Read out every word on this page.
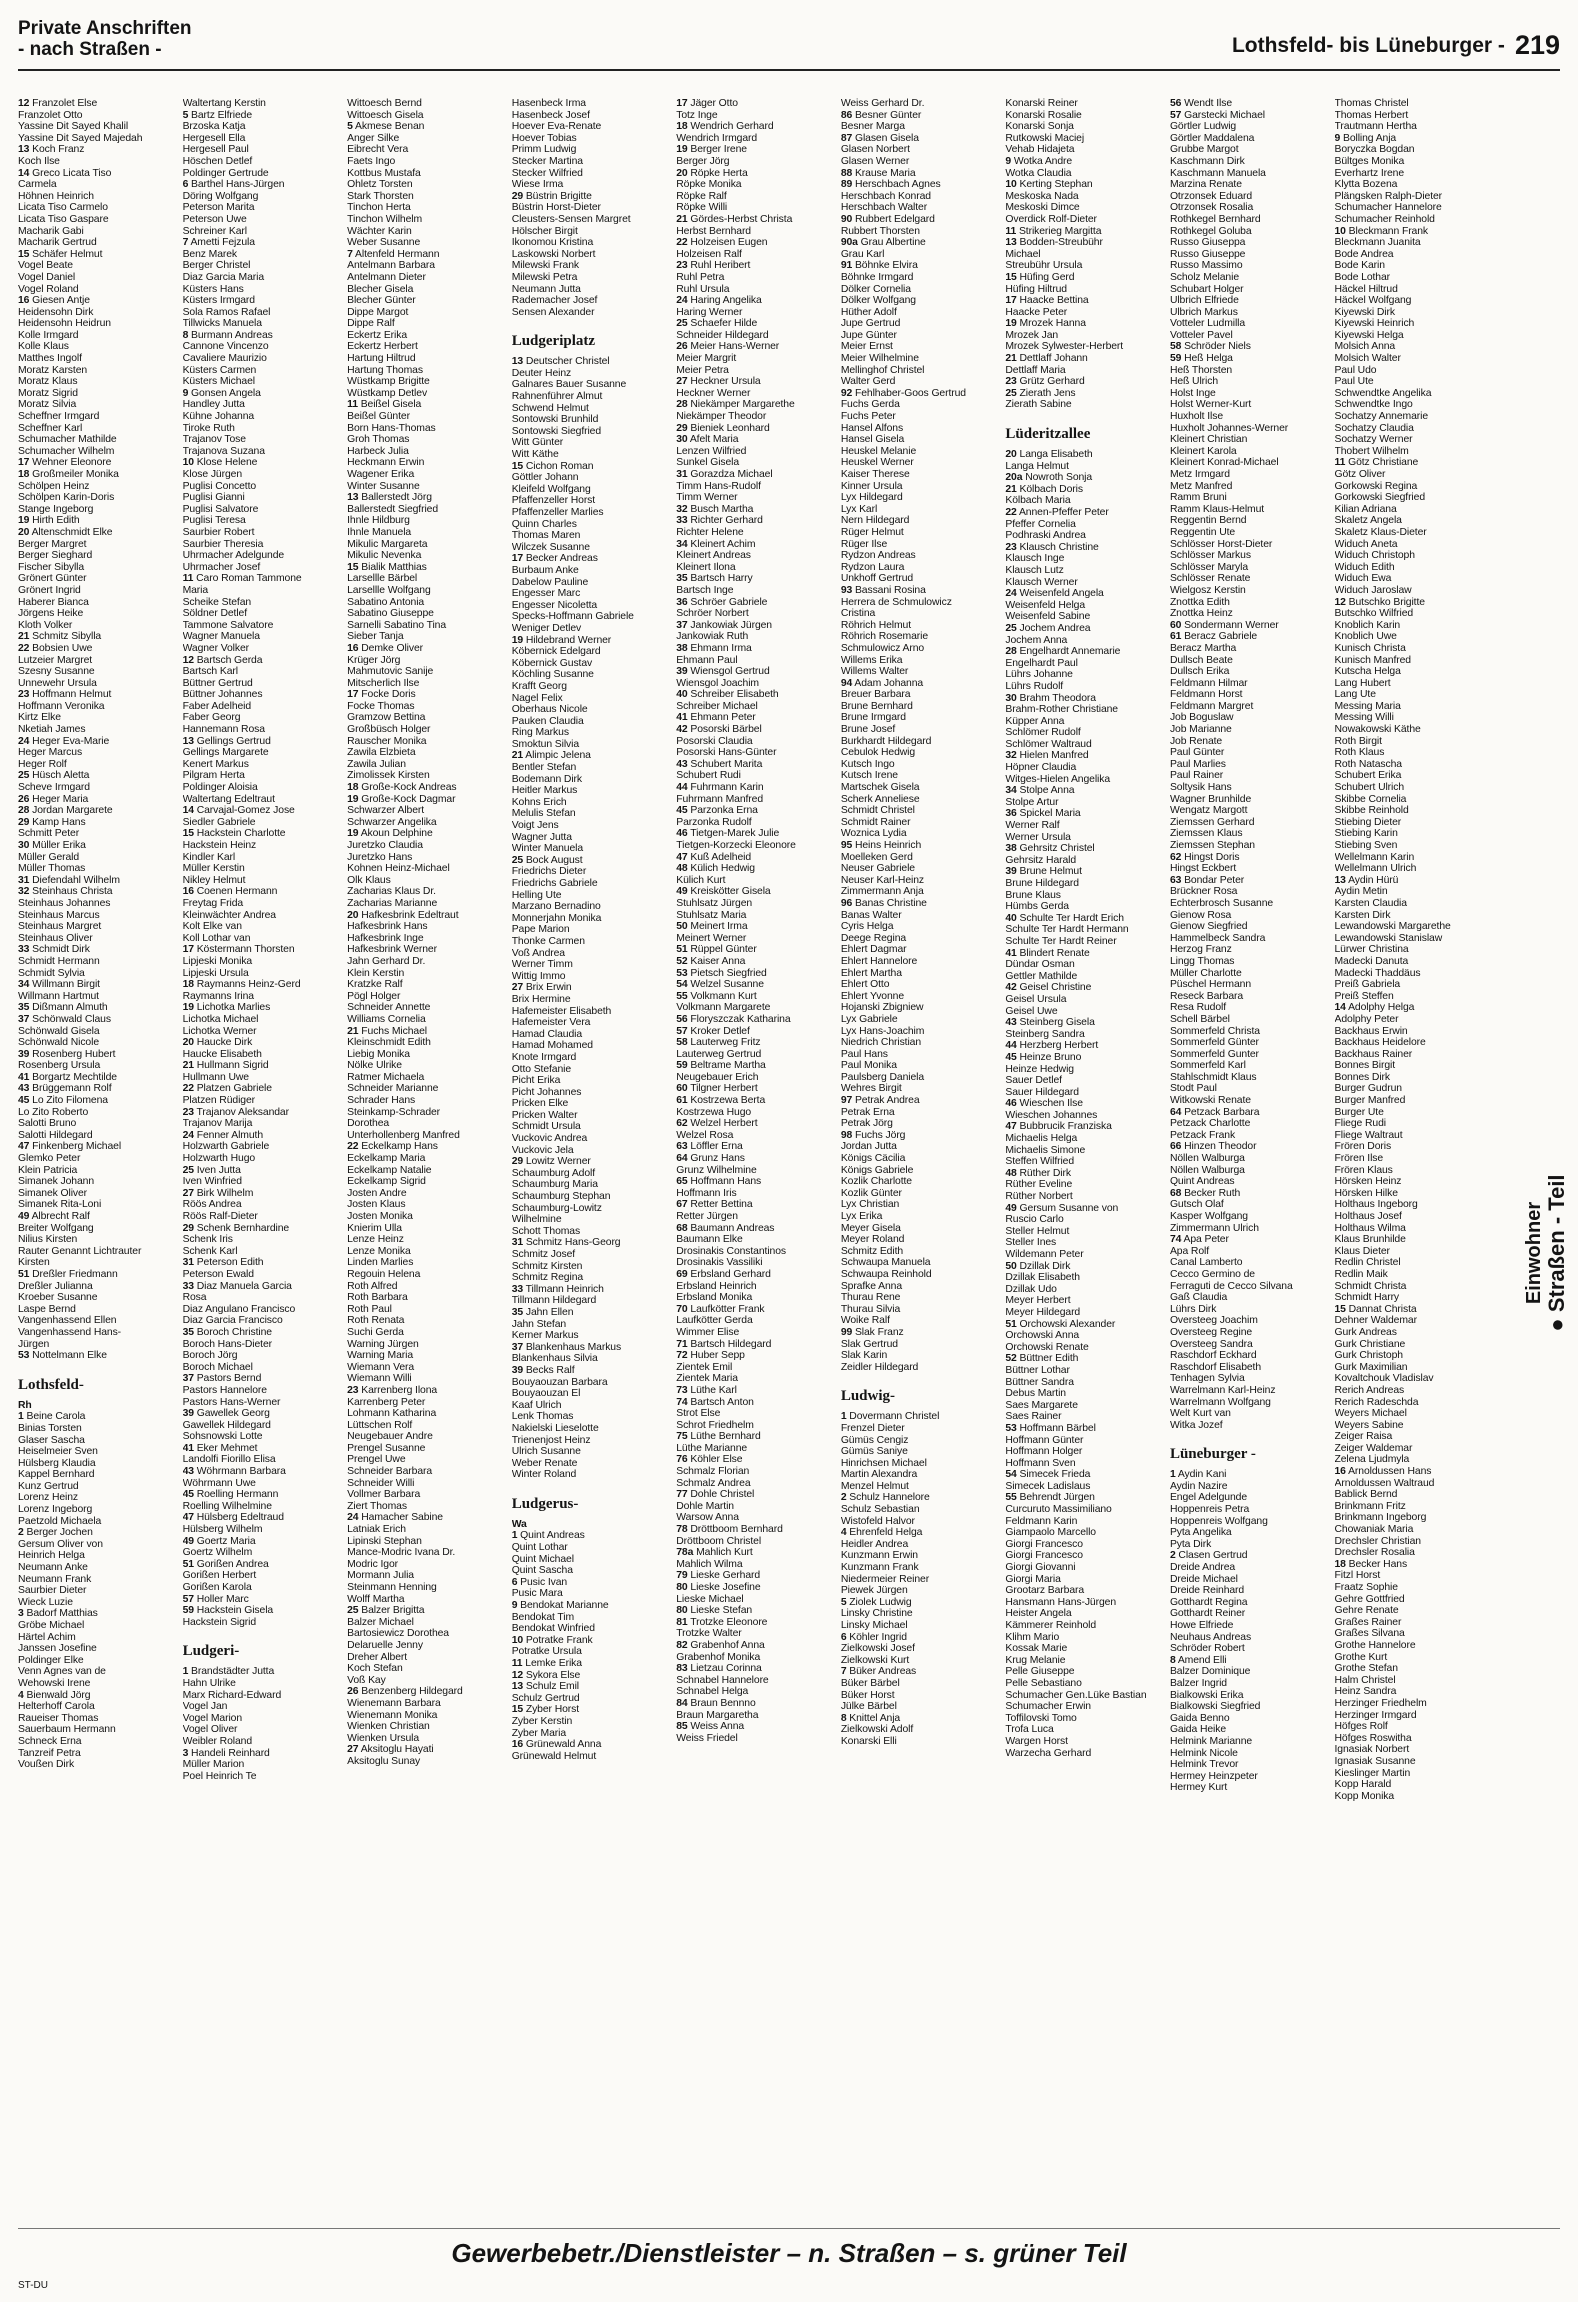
Private Anschriften
- nach Straßen -	Lothsfeld- bis Lüneburger - 219
12 Franzolet Else
Franzolet Otto
Yassine Dit Sayed Khalil
Yassine Dit Sayed Majedah
13 Koch Franz
Koch Ilse
14 Greco Licata Tiso
Carmela
Höhnen Heinrich
Licata Tiso Carmelo
Licata Tiso Gaspare
Macharik Gabi
Macharik Gertrud
15 Schäfer Helmut
Vogel Beate
Vogel Daniel
Vogel Roland
16 Giesen Antje
Heidensohn Dirk
Heidensohn Heidrun
Kolle Irmgard
Kolle Klaus
Matthes Ingolf
Moratz Karsten
Moratz Klaus
Moratz Sigrid
Moratz Silvia
Scheffner Irmgard
Scheffner Karl
Schumacher Mathilde
Schumacher Wilhelm
17 Wehner Eleonore
18 Großmeiler Monika
Schölpen Heinz
Schölpen Karin-Doris
Stange Ingeborg
19 Hirth Edith
20 Altenschmidt Elke
Berger Margret
Berger Sieghard
Fischer Sibylla
Grönert Günter
Grönert Ingrid
Haberer Bianca
Jörgens Heike
Kloth Volker
21 Schmitz Sibylla
22 Bobsien Uwe
Lutzeier Margret
Szesny Susanne
Unnewehr Ursula
23 Hoffmann Helmut
Hoffmann Veronika
Kirtz Elke
Nketiah James
24 Heger Eva-Marie
Heger Marcus
Heger Rolf
25 Hüsch Aletta
Scheve Irmgard
26 Heger Maria
28 Jordan Margarete
29 Kamp Hans
Schmitt Peter
30 Müller Erika
Müller Gerald
Müller Thomas
31 Diefendahl Wilhelm
32 Steinhaus Christa
Steinhaus Johannes
Steinhaus Marcus
Steinhaus Margret
Steinhaus Oliver
33 Schmidt Dirk
Schmidt Hermann
Schmidt Sylvia
34 Willmann Birgit
Willmann Hartmut
35 Dißmann Almuth
37 Schönwald Claus
Schönwald Gisela
Schönwald Nicole
39 Rosenberg Hubert
Rosenberg Ursula
41 Borgartz Mechtilde
43 Brüggemann Rolf
45 Lo Zito Filomena
Lo Zito Roberto
Salotti Bruno
Salotti Hildegard
47 Finkenberg Michael
Glemko Peter
Klein Patricia
Simanek Johann
Simanek Oliver
Simanek Rita-Loni
49 Albrecht Ralf
Breiter Wolfgang
Nilius Kirsten
Rauter Genannt Lichtrauter
Kirsten
51 Dreßler Friedmann
Dreßler Julianna
Kroeber Susanne
Laspe Bernd
Vangenhassend Ellen
Vangenhassend Hans-
Jürgen
53 Nottelmann Elke
Lothsfeld-
Rh
1 Beine Carola
Binias Torsten
Glaser Sascha
Heiselmeier Sven
Hülsberg Klaudia
Kappel Bernhard
Kunz Gertrud
Lorenz Heinz
Lorenz Ingeborg
Paetzold Michaela
2 Berger Jochen
Gersum Oliver von
Heinrich Helga
Neumann Anke
Neumann Frank
Saurbier Dieter
Wieck Luzie
3 Badorf Matthias
Gröbe Michael
Härtel Achim
Janssen Josefine
Poldinger Elke
Venn Agnes van de
Wehowski Irene
4 Bienwald Jörg
Helterhoff Carola
Raueiser Thomas
Sauerbaum Hermann
Schneck Erna
Tanzreif Petra
Voußen Dirk
Waltertang Kerstin
5 Bartz Elfriede
Brzoska Katja
Hergesell Ella
Hergesell Paul
Höschen Detlef
Poldinger Gertrude
6 Barthel Hans-Jürgen
Döring Wolfgang
Peterson Marita
Peterson Uwe
Schreiner Karl
7 Ametti Fejzula
Benz Marek
Berger Christel
Diaz Garcia Maria
Küsters Hans
Küsters Irmgard
Sola Ramos Rafael
Tillwicks Manuela
8 Burmann Andreas
Cannone Vincenzo
Cavaliere Maurizio
Küsters Carmen
Küsters Michael
9 Gonsen Angela
Handley Jutta
Kühne Johanna
Tiroke Ruth
Trajanov Tose
Trajanova Suzana
10 Klose Helene
Klose Jürgen
Puglisi Concetto
Puglisi Gianni
Puglisi Salvatore
Puglisi Teresa
Saurbier Robert
Saurbier Theresia
Uhrmacher Adelgunde
Uhrmacher Josef
11 Caro Roman Tammone
Maria
Scheike Stefan
Söldner Detlef
Tammone Salvatore
Wagner Manuela
Wagner Volker
12 Bartsch Gerda
Bartsch Karl
Büttner Gertrud
Büttner Johannes
Faber Adelheid
Faber Georg
Hannemann Rosa
13 Gellings Gertrud
Gellings Margarete
Kenert Markus
Pilgram Herta
Poldinger Aloisia
Waltertang Edeltraut
14 Carvajal-Gomez Jose
Siedler Gabriele
15 Hackstein Charlotte
Hackstein Heinz
Kindler Karl
Müller Kerstin
Nikley Helmut
16 Coenen Hermann
Freytag Frida
Kleinwächter Andrea
Kolt Elke van
Koll Lothar van
17 Köstermann Thorsten
Lipjeski Monika
Lipjeski Ursula
18 Raymanns Heinz-Gerd
Raymanns Irina
19 Lichotka Marlies
Lichotka Michael
Lichotka Werner
20 Haucke Dirk
Haucke Elisabeth
21 Hullmann Sigrid
Hullmann Uwe
22 Platzen Gabriele
Platzen Rüdiger
23 Trajanov Aleksandar
Trajanov Marija
24 Fenner Almuth
Holzwarth Gabriele
Holzwarth Hugo
25 Iven Jutta
Iven Winfried
27 Birk Wilhelm
Röös Andrea
Röös Ralf-Dieter
29 Schenk Bernhardine
Schenk Iris
Schenk Karl
31 Peterson Edith
Peterson Ewald
33 Diaz Manuela Garcia
Rosa
Diaz Angulano Francisco
Diaz Garcia Francisco
35 Boroch Christine
Boroch Hans-Dieter
Boroch Jörg
Boroch Michael
37 Pastors Bernd
Pastors Hannelore
Pastors Hans-Werner
39 Gawellek Georg
Gawellek Hildegard
Sohsnowski Lotte
41 Eker Mehmet
Landolfi Fiorillo Elisa
43 Wöhrmann Barbara
Wöhrmann Uwe
45 Roelling Hermann
Roelling Wilhelmine
47 Hülsberg Edeltraud
Hülsberg Wilhelm
49 Goertz Maria
Goertz Wilhelm
51 Gorißen Andrea
Gorißen Herbert
Gorißen Karola
57 Holler Marc
59 Hackstein Gisela
Hackstein Sigrid
Ludgeri-
1 Brandstädter Jutta
Hahn Ulrike
Marx Richard-Edward
Vogel Jan
Vogel Marion
Vogel Oliver
Weibler Roland
3 Handeli Reinhard
Müller Marion
Poel Heinrich Te
Wittoesch Bernd
Wittoesch Gisela
5 Akmese Benan
Anger Silke
Eibrecht Vera
Faets Ingo
Kottbus Mustafa
Ohletz Torsten
Stark Thorsten
Tinchon Herta
Tinchon Wilhelm
Wächter Karin
Weber Susanne
7 Altenfeld Hermann
Antelmann Barbara
Antelmann Dieter
Blecher Gisela
Blecher Günter
Dippe Margot
Dippe Ralf
Eckertz Erika
Eckertz Herbert
Hartung Hiltrud
Hartung Thomas
Wüstkamp Brigitte
Wüstkamp Detlev
11 Beißel Gisela
Beißel Günter
Born Hans-Thomas
Groh Thomas
Harbeck Julia
Heckmann Erwin
Wagener Erika
Winter Susanne
13 Ballerstedt Jörg
Ballerstedt Siegfried
Ihnle Hildburg
Ihnle Manuela
Mikulic Margareta
Mikulic Nevenka
15 Bialik Matthias
Larsellle Bärbel
Larsellle Wolfgang
Sabatino Antonia
Sabatino Giuseppe
Sarnelli Sabatino Tina
Sieber Tanja
16 Demke Oliver
Krüger Jörg
Mahmutovic Sanije
Mitscherlich Ilse
17 Focke Doris
Focke Thomas
Gramzow Bettina
Großbüsch Holger
Rauscher Monika
Zawila Elzbieta
Zawila Julian
Zimolissek Kirsten
18 Große-Kock Andreas
19 Große-Kock Dagmar
Schwarzer Albert
Schwarzer Angelika
19 Akoun Delphine
Juretzko Claudia
Juretzko Hans
Kohnen Heinz-Michael
Olk Klaus
Zacharias Klaus Dr.
Zacharias Marianne
20 Hafkesbrink Edeltraut
Hafkesbrink Hans
Hafkesbrink Inge
Hafkesbrink Werner
Jahn Gerhard Dr.
Klein Kerstin
Kratzke Ralf
Pögl Holger
Schneider Annette
Williams Cornelia
21 Fuchs Michael
Kleinschmidt Edith
Liebig Monika
Nölke Ulrike
Ratmer Michaela
Schneider Marianne
Schrader Hans
Steinkamp-Schrader
Dorothea
Unterhollenberg Manfred
22 Eckelkamp Hans
Eckelkamp Maria
Eckelkamp Natalie
Eckelkamp Sigrid
Josten Andre
Josten Klaus
Josten Monika
Knierim Ulla
Lenze Heinz
Lenze Monika
Linden Marlies
Regouin Helena
Roth Alfred
Roth Barbara
Roth Paul
Roth Renata
Suchi Gerda
Warning Jürgen
Warning Maria
Wiemann Vera
Wiemann Willi
23 Karrenberg Ilona
Karrenberg Peter
Lohmann Katharina
Lüttschen Rolf
Neugebauer Andre
Prengel Susanne
Prengel Uwe
Schneider Barbara
Schneider Willi
Vollmer Barbara
Ziert Thomas
24 Hamacher Sabine
Latniak Erich
Lipinski Stephan
Mance-Modric Ivana Dr.
Modric Igor
Mormann Julia
Steinmann Henning
Wolff Martha
25 Balzer Brigitta
Balzer Michael
Bartosiewicz Dorothea
Delaruelle Jenny
Dreher Albert
Koch Stefan
Voß Kay
26 Benzenberg Hildegard
Wienemann Barbara
Wienemann Monika
Wienken Christian
Wienken Ursula
27 Aksitoglu Hayati
Aksitoglu Sunay
Hasenbeck Irma
Hasenbeck Josef
Hoever Eva-Renate
Hoever Tobias
Primm Ludwig
Stecker Martina
Stecker Wilfried
Wiese Irma
29 Büstrin Brigitte
Büstrin Horst-Dieter
Cleusters-Sensen Margret
Hölscher Birgit
Ikonomou Kristina
Laskowski Norbert
Milewski Frank
Milewski Petra
Neumann Jutta
Rademacher Josef
Sensen Alexander
Ludgeriplatz
13 Deutscher Christel
Deuter Heinz
Galnares Bauer Susanne
Rahnenführer Almut
Schwend Helmut
Sontowski Brunhild
Sontowski Siegfried
Witt Günter
Witt Käthe
15 Cichon Roman
Göttler Johann
Kleifeld Wolfgang
Pfaffenzeller Horst
Pfaffenzeller Marlies
Quinn Charles
Thomas Maren
Wilczek Susanne
17 Becker Andreas
Burbaum Anke
Dabelow Pauline
Engesser Marc
Engesser Nicoletta
Specks-Hoffmann Gabriele
Weniger Detlev
19 Hildebrand Werner
Köbernick Edelgard
Köbernick Gustav
Köchling Susanne
Krafft Georg
Nagel Felix
Oberhaus Nicole
Pauken Claudia
Ring Markus
Smoktun Silvia
21 Alimpic Jelena
Bentler Stefan
Bodemann Dirk
Heitler Markus
Kohns Erich
Melulis Stefan
Voigt Jens
Wagner Jutta
Winter Manuela
25 Bock August
Friedrichs Dieter
Friedrichs Gabriele
Helling Ute
Marzano Bernadino
Monnerjahn Monika
Pape Marion
Thonke Carmen
Voß Andrea
Werner Timm
Wittig Immo
27 Brix Erwin
Brix Hermine
Hafemeister Elisabeth
Hafemeister Vera
Hamad Claudia
Hamad Mohamed
Knote Irmgard
Otto Stefanie
Picht Erika
Picht Johannes
Pricken Elke
Pricken Walter
Schmidt Ursula
Vuckovic Andrea
Vuckovic Jela
29 Lowitz Werner
Schaumburg Adolf
Schaumburg Maria
Schaumburg Stephan
Schaumburg-Lowitz
Wilhelmine
Schott Thomas
31 Schmitz Hans-Georg
Schmitz Josef
Schmitz Kirsten
Schmitz Regina
33 Tillmann Heinrich
Tillmann Hildegard
35 Jahn Ellen
Jahn Stefan
Kerner Markus
37 Blankenhaus Markus
Blankenhaus Silvia
39 Becks Ralf
Bouyaouzan Barbara
Bouyaouzan El
Kaaf Ulrich
Lenk Thomas
Nakielski Lieselotte
Trienenjost Heinz
Ulrich Susanne
Weber Renate
Winter Roland
Ludgerus-
Wa
1 Quint Andreas
Quint Lothar
Quint Michael
Quint Sascha
6 Pusic Ivan
Pusic Mara
9 Bendokat Marianne
Bendokat Tim
Bendokat Winfried
10 Potratke Frank
Potratke Ursula
11 Lemke Erika
12 Sykora Else
13 Schulz Emil
Schulz Gertrud
15 Zyber Horst
Zyber Kerstin
Zyber Maria
16 Grünewald Anna
Grünewald Helmut
17 Jäger Otto
Totz Inge
18 Wendrich Gerhard
Wendrich Irmgard
19 Berger Irene
Berger Jörg
20 Röpke Herta
Röpke Monika
Röpke Ralf
Röpke Willi
21 Gördes-Herbst Christa
Herbst Bernhard
22 Holzeisen Eugen
Holzeisen Ralf
23 Ruhl Heribert
Ruhl Petra
Ruhl Ursula
24 Haring Angelika
Haring Werner
25 Schaefer Hilde
Schneider Hildegard
26 Meier Hans-Werner
Meier Margrit
Meier Petra
27 Heckner Ursula
Heckner Werner
28 Niekämper Margarethe
Niekämper Theodor
29 Bieniek Leonhard
30 Afelt Maria
Lenzen Wilfried
Sunkel Gisela
31 Gorazdza Michael
Timm Hans-Rudolf
Timm Werner
32 Busch Martha
33 Richter Gerhard
Richter Helene
34 Kleinert Achim
Kleinert Andreas
Kleinert Ilona
35 Bartsch Harry
Bartsch Inge
36 Schröer Gabriele
Schröer Norbert
37 Jankowiak Jürgen
Jankowiak Ruth
38 Ehmann Irma
Ehmann Paul
39 Wiensgol Gertrud
Wiensgol Joachim
40 Schreiber Elisabeth
Schreiber Michael
41 Ehmann Peter
42 Posorski Bärbel
Posorski Claudia
Posorski Hans-Günter
43 Schubert Marita
Schubert Rudi
44 Fuhrmann Karin
Fuhrmann Manfred
45 Parzonka Erna
Parzonka Rudolf
46 Tietgen-Marek Julie
Tietgen-Korzecki Eleonore
47 Kuß Adelheid
48 Külich Hedwig
Külich Kurt
49 Kreiskötter Gisela
Stuhlsatz Jürgen
Stuhlsatz Maria
50 Meinert Irma
Meinert Werner
51 Rüppel Günter
52 Kaiser Anna
53 Pietsch Siegfried
54 Welzel Susanne
55 Volkmann Kurt
Volkmann Margarete
56 Floryszczak Katharina
57 Kroker Detlef
58 Lauterweg Fritz
Lauterweg Gertrud
59 Beltrame Martha
Neugebauer Erich
60 Tilgner Herbert
61 Kostrzewa Berta
Kostrzewa Hugo
62 Welzel Herbert
Welzel Rosa
63 Löffler Erna
64 Grunz Hans
Grunz Wilhelmine
65 Hoffmann Hans
Hoffmann Iris
67 Retter Bettina
Retter Jürgen
68 Baumann Andreas
Baumann Elke
Drosinakis Constantinos
Drosinakis Vassiliki
69 Erbsland Gerhard
Erbsland Heinrich
Erbsland Monika
70 Laufkötter Frank
Laufkötter Gerda
Wimmer Elise
71 Bartsch Hildegard
72 Huber Sepp
Zientek Emil
Zientek Maria
73 Lüthe Karl
74 Bartsch Anton
Strot Else
Schrot Friedhelm
75 Lüthe Bernhard
Lüthe Marianne
76 Köhler Else
Schmalz Florian
Schmalz Andrea
77 Dohle Christel
Dohle Martin
Warsow Anna
78 Dröttboom Bernhard
Dröttboom Christel
78a Mahlich Kurt
Mahlich Wilma
79 Lieske Gerhard
80 Lieske Josefine
Lieske Michael
80 Lieske Stefan
81 Trotzke Eleonore
Trotzke Walter
82 Grabenhof Anna
Grabenhof Monika
83 Lietzau Corinna
Schnabel Hannelore
Schnabel Helga
84 Braun Bennno
Braun Margaretha
85 Weiss Anna
Weiss Friedel
Weiss Gerhard Dr.
86 Besner Günter
Besner Marga
87 Glasen Gisela
Glasen Norbert
Glasen Werner
88 Krause Maria
89 Herschbach Agnes
Herschbach Konrad
Herschbach Walter
90 Rubbert Edelgard
Rubbert Thorsten
90a Grau Albertine
Grau Karl
91 Böhnke Elvira
Böhnke Irmgard
Dölker Cornelia
Dölker Wolfgang
Hüther Adolf
Jupe Gertrud
Jupe Günter
Meier Ernst
Meier Wilhelmine
Mellinghof Christel
Walter Gerd
92 Fehlhaber-Goos Gertrud
Fuchs Gerda
Fuchs Peter
Hansel Alfons
Hansel Gisela
Heuskel Melanie
Heuskel Werner
Kaiser Therese
Kinner Ursula
Lyx Hildegard
Lyx Karl
Nern Hildegard
Rüger Helmut
Rüger Ilse
Rydzon Andreas
Rydzon Laura
Unkhoff Gertrud
93 Bassani Rosina
Herrera de Schmulowicz
Cristina
Röhrich Helmut
Röhrich Rosemarie
Schmulowicz Arno
Willems Erika
Willems Walter
94 Adam Johanna
Breuer Barbara
Brune Bernhard
Brune Irmgard
Brune Josef
Burkhardt Hildegard
Cebulok Hedwig
Kutsch Ingo
Kutsch Irene
Martschek Gisela
Scherk Anneliese
Schmidt Christel
Schmidt Rainer
Woznica Lydia
95 Heins Heinrich
Moelleken Gerd
Neuser Gabriele
Neuser Karl-Heinz
Zimmermann Anja
96 Banas Christine
Banas Walter
Cyris Helga
Deege Regina
Ehlert Dagmar
Ehlert Hannelore
Ehlert Martha
Ehlert Otto
Ehlert Yvonne
Hojanski Zbigniew
Lyx Gabriele
Lyx Hans-Joachim
Niedrich Christian
Paul Hans
Paul Monika
Paulsberg Daniela
Wehres Birgit
97 Petrak Andrea
Petrak Erna
Petrak Jörg
98 Fuchs Jörg
Jordan Jutta
Königs Cäcilia
Königs Gabriele
Kozlik Charlotte
Kozlik Günter
Lyx Christian
Lyx Erika
Meyer Gisela
Meyer Roland
Schmitz Edith
Schwaupa Manuela
Schwaupa Reinhold
Sprafke Anna
Thurau Rene
Thurau Silvia
Woike Ralf
99 Slak Franz
Slak Gertrud
Slak Karin
Zeidler Hildegard
Ludwig-
1 Dovermann Christel
Frenzel Dieter
Gümüs Cengiz
Gümüs Saniye
Hinrichsen Michael
Martin Alexandra
Menzel Helmut
2 Schulz Hannelore
Schulz Sebastian
Wistofeld Halvor
4 Ehrenfeld Helga
Heidler Andrea
Kunzmann Erwin
Kunzmann Frank
Niedermeier Reiner
Piewek Jürgen
5 Ziolek Ludwig
Linsky Christine
Linsky Michael
6 Köhler Ingrid
Zielkowski Josef
Zielkowski Kurt
7 Büker Andreas
Büker Bärbel
Büker Horst
Jülke Bärbel
8 Knittel Anja
Zielkowski Adolf
Konarski Elli
Konarski Reiner
Konarski Rosalie
Konarski Sonja
Rutkowski Maciej
Vehab Hidajeta
9 Wotka Andre
Wotka Claudia
10 Kerting Stephan
Meskoska Nada
Meskoski Dimce
Overdick Rolf-Dieter
11 Strikerieg Margitta
13 Bodden-Streubühr
Michael
Streubühr Ursula
15 Hüfing Gerd
Hüfing Hiltrud
17 Haacke Bettina
Haacke Peter
19 Mrozek Hanna
Mrozek Jan
Mrozek Sylwester-Herbert
21 Dettlaff Johann
Dettlaff Maria
23 Grütz Gerhard
25 Zierath Jens
Zierath Sabine
Lüderitzallee
20 Langa Elisabeth
Langa Helmut
20a Nowroth Sonja
21 Kölbach Doris
Kölbach Maria
22 Annen-Pfeffer Peter
Pfeffer Cornelia
Podhraski Andrea
23 Klausch Christine
Klausch Inge
Klausch Lutz
Klausch Werner
24 Weisenfeld Angela
Weisenfeld Helga
Weisenfeld Sabine
25 Jochem Andrea
Jochem Anna
28 Engelhardt Annemarie
Engelhardt Paul
Lührs Johanne
Lührs Rudolf
30 Brahm Theodora
Brahm-Rother Christiane
Küpper Anna
Schlömer Rudolf
Schlömer Waltraud
32 Hielen Manfred
Höpner Claudia
Witges-Hielen Angelika
34 Stolpe Anna
Stolpe Artur
36 Spickel Maria
Werner Ralf
Werner Ursula
38 Gehrsitz Christel
Gehrsitz Harald
39 Brune Helmut
Brune Hildegard
Brune Klaus
Hümbs Gerda
40 Schulte Ter Hardt Erich
Schulte Ter Hardt Hermann
Schulte Ter Hardt Reiner
41 Blindert Renate
Dündar Osman
Gettler Mathilde
42 Geisel Christine
Geisel Ursula
Geisel Uwe
43 Steinberg Gisela
Steinberg Sandra
44 Herzberg Herbert
45 Heinze Bruno
Heinze Hedwig
Sauer Detlef
Sauer Hildegard
46 Wieschen Ilse
Wieschen Johannes
47 Bubbrucik Franziska
Michaelis Helga
Michaelis Simone
Steffen Wilfried
48 Rüther Dirk
Rüther Eveline
Rüther Norbert
49 Gersum Susanne von
Ruscio Carlo
Steller Helmut
Steller Ines
Wildemann Peter
50 Dzillak Dirk
Dzillak Elisabeth
Dzillak Udo
Meyer Herbert
Meyer Hildegard
51 Orchowski Alexander
Orchowski Anna
Orchowski Renate
52 Büttner Edith
Büttner Lothar
Büttner Sandra
Debus Martin
Saes Margarete
Saes Rainer
53 Hoffmann Bärbel
Hoffmann Günter
Hoffmann Holger
Hoffmann Sven
54 Simecek Frieda
Simecek Ladislaus
55 Behrendt Jürgen
Curcuruto Massimiliano
Feldmann Karin
Giampaolo Marcello
Giorgi Francesco
Giorgi Francesco
Giorgi Giovanni
Giorgi Maria
Grootarz Barbara
Hansmann Hans-Jürgen
Heister Angela
Kämmerer Reinhold
Klihm Mario
Kossak Marie
Krug Melanie
Pelle Giuseppe
Pelle Sebastiano
Schumacher Gen.Lüke Bastian
Schumacher Erwin
Toffilovski Tomo
Trofa Luca
Wargen Horst
Warzecha Gerhard
56 Wendt Ilse
57 Garstecki Michael
Görtler Ludwig
Görtler Maddalena
Grubbe Margot
Kaschmann Dirk
Kaschmann Manuela
Marzina Renate
Otrzonsek Eduard
Otrzonsek Rosalia
Rothkegel Bernhard
Rothkegel Goluba
Russo Giuseppa
Russo Giuseppe
Russo Massimo
Scholz Melanie
Schubart Holger
Ulbrich Elfriede
Ulbrich Markus
Votteler Ludmilla
Votteler Pavel
58 Schröder Niels
59 Heß Helga
Heß Thorsten
Heß Ulrich
Holst Inge
Holst Werner-Kurt
Huxholt Ilse
Huxholt Johannes-Werner
Kleinert Christian
Kleinert Karola
Kleinert Konrad-Michael
Metz Irmgard
Metz Manfred
Ramm Bruni
Ramm Klaus-Helmut
Reggentin Bernd
Reggentin Ute
Schlösser Horst-Dieter
Schlösser Markus
Schlösser Maryla
Schlösser Renate
Wielgosz Kerstin
Znottka Edith
Znottka Heinz
60 Sondermann Werner
61 Beracz Gabriele
Beracz Martha
Dullsch Beate
Dullsch Erika
Feldmann Hilmar
Feldmann Horst
Feldmann Margret
Job Boguslaw
Job Marianne
Job Renate
Paul Günter
Paul Marlies
Paul Rainer
Soltysik Hans
Wagner Brunhilde
Wengatz Margott
Ziemssen Gerhard
Ziemssen Klaus
Ziemssen Stephan
62 Hingst Doris
Hingst Eckbert
63 Bondar Peter
Brückner Rosa
Echterbrosch Susanne
Gienow Rosa
Gienow Siegfried
Hammelbeck Sandra
Herzog Franz
Lingg Thomas
Müller Charlotte
Püschel Hermann
Reseck Barbara
Resa Rudolf
Schell Bärbel
Sommerfeld Christa
Sommerfeld Günter
Sommerfeld Gunter
Sommerfeld Karl
Stahlschmidt Klaus
Stodt Paul
Witkowski Renate
64 Petzack Barbara
Petzack Charlotte
Petzack Frank
66 Hinzen Theodor
Nöllen Walburga
Nöllen Walburga
Quint Andreas
68 Becker Ruth
Gutsch Olaf
Kasper Wolfgang
Zimmermann Ulrich
74 Apa Peter
Apa Rolf
Canal Lamberto
Cecco Germino de
Ferraguti de Cecco Silvana
Gaß Claudia
Lührs Dirk
Oversteeg Joachim
Oversteeg Regine
Oversteeg Sandra
Raschdorf Eckhard
Raschdorf Elisabeth
Tenhagen Sylvia
Warrelmann Karl-Heinz
Warrelmann Wolfgang
Welt Kurt van
Witka Jozef
Lüneburger -
1 Aydin Kani
Aydin Nazire
Engel Adelgunde
Hoppenreis Petra
Hoppenreis Wolfgang
Pyta Angelika
Pyta Dirk
2 Clasen Gertrud
Dreide Andrea
Dreide Michael
Dreide Reinhard
Gotthardt Regina
Gotthardt Reiner
Howe Elfriede
Neuhaus Andreas
Schröder Robert
8 Amend Elli
Balzer Dominique
Balzer Ingrid
Bialkowski Erika
Bialkowski Siegfried
Gaida Benno
Gaida Heike
Helmink Marianne
Helmink Nicole
Helmink Trevor
Hermey Heinzpeter
Hermey Kurt
Thomas Christel
Thomas Herbert
Trautmann Hertha
9 Bolling Anja
Boryczka Bogdan
Bültges Monika
Everhartz Irene
Klytta Bozena
Plängsken Ralph-Dieter
Schumacher Hannelore
Schumacher Reinhold
10 Bleckmann Frank
Bleckmann Juanita
Bode Andrea
Bode Karin
Bode Lothar
Häckel Hiltrud
Häckel Wolfgang
Kiyewski Dirk
Kiyewski Heinrich
Kiyewski Helga
Molsich Anna
Molsich Walter
Paul Udo
Paul Ute
Schwendtke Angelika
Schwendtke Ingo
Sochatzy Annemarie
Sochatzy Claudia
Sochatzy Werner
Thobert Wilhelm
11 Götz Christiane
Götz Oliver
Gorkowski Regina
Gorkowski Siegfried
Kilian Adriana
Skaletz Angela
Skaletz Klaus-Dieter
Widuch Aneta
Widuch Christoph
Widuch Edith
Widuch Ewa
Widuch Jaroslaw
12 Butschko Brigitte
Butschko Wilfried
Knoblich Karin
Knoblich Uwe
Kunisch Christa
Kunisch Manfred
Kutscha Helga
Lang Hubert
Lang Ute
Messing Maria
Messing Willi
Nowakowski Käthe
Roth Birgit
Roth Klaus
Roth Natascha
Schubert Erika
Schubert Ulrich
Skibbe Cornelia
Skibbe Reinhold
Stiebing Dieter
Stiebing Karin
Stiebing Sven
Wellelmann Karin
Wellelmann Ulrich
13 Aydin Hürü
Aydin Metin
Karsten Claudia
Karsten Dirk
Lewandowski Margarethe
Lewandowski Stanislaw
Lürwer Christina
Madecki Danuta
Madecki Thaddäus
Preiß Gabriela
Preiß Steffen
14 Adolphy Helga
Adolphy Peter
Backhaus Erwin
Backhaus Heidelore
Backhaus Rainer
Bonnes Birgit
Bonnes Dirk
Burger Gudrun
Burger Manfred
Burger Ute
Fliege Rudi
Fliege Waltraut
Frören Doris
Frören Ilse
Frören Klaus
Hörsken Heinz
Hörsken Hilke
Holthaus Ingeborg
Holthaus Josef
Holthaus Wilma
Klaus Brunhilde
Klaus Dieter
Redlin Christel
Redlin Maik
Schmidt Christa
Schmidt Harry
15 Dannat Christa
Dehner Waldemar
Gurk Andreas
Gurk Christiane
Gurk Christoph
Gurk Maximilian
Kovaltchouk Vladislav
Rerich Andreas
Rerich Radeschda
Weyers Michael
Weyers Sabine
Zeiger Raisa
Zeiger Waldemar
Zelena Ljudmyla
16 Arnoldussen Hans
Arnoldussen Waltraud
Bablick Bernd
Brinkmann Fritz
Brinkmann Ingeborg
Chowaniak Maria
Drechsler Christian
Drechsler Rosalia
18 Becker Hans
Fitzl Horst
Fraatz Sophie
Gehre Gottfried
Gehre Renate
Graßes Rainer
Graßes Silvana
Grothe Hannelore
Grothe Kurt
Grothe Stefan
Halm Christel
Heinz Sandra
Herzinger Friedhelm
Herzinger Irmgard
Höfges Rolf
Höfges Roswitha
Ignasiak Norbert
Ignasiak Susanne
Kieslinger Martin
Kopp Harald
Kopp Monika
Einwohner ● Straßen - Teil
Gewerbebetr./Dienstleister – n. Straßen – s. grüner Teil
ST-DU
